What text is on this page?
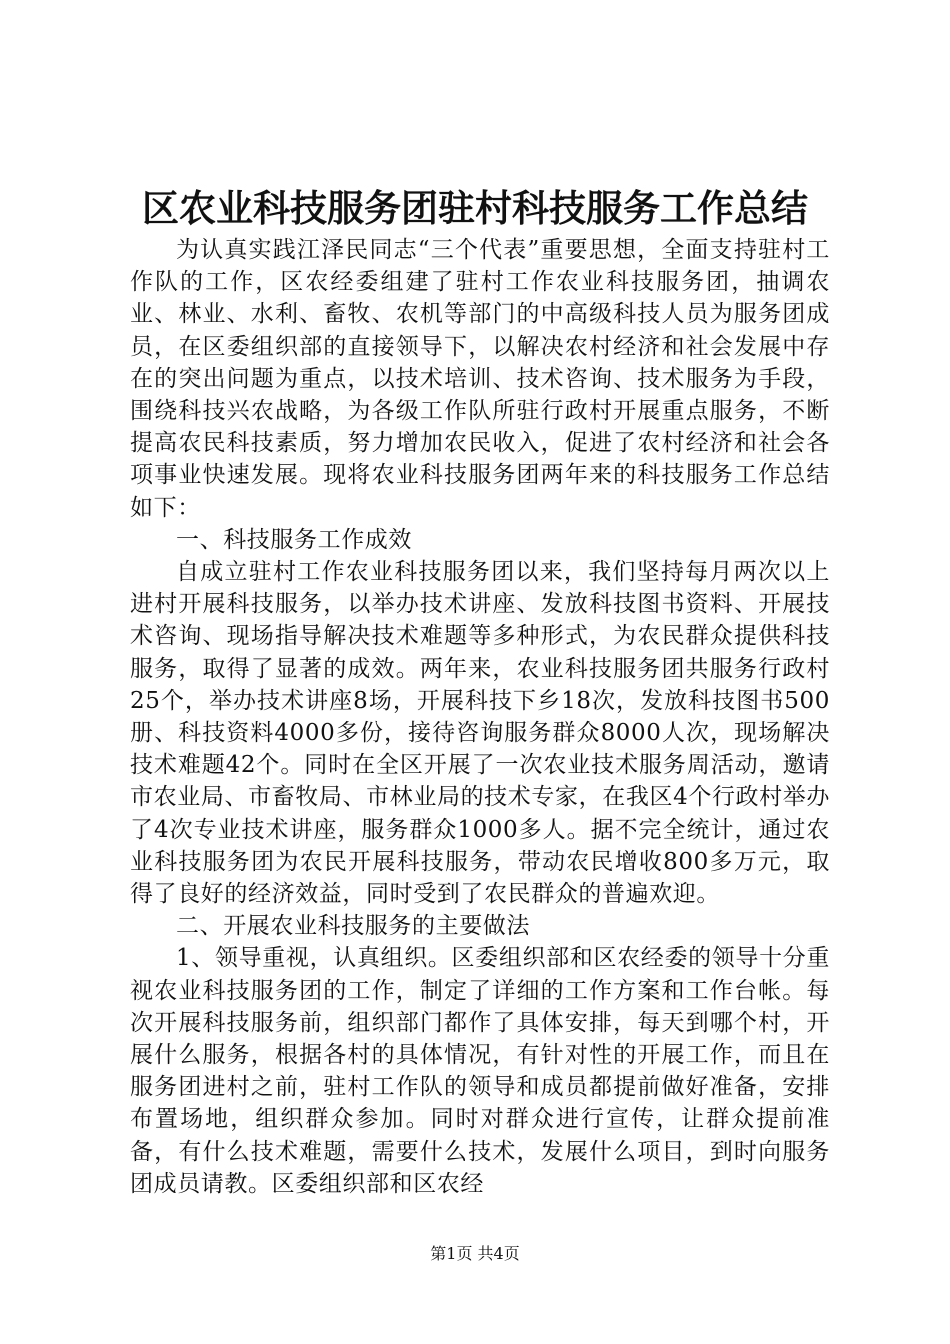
区农业科技服务团驻村科技服务工作总结

为认真实践江泽民同志“三个代表”重要思想，全面支持驻村工作队的工作，区农经委组建了驻村工作农业科技服务团，抽调农业、林业、水利、畜牧、农机等部门的中高级科技人员为服务团成员，在区委组织部的直接领导下，以解决农村经济和社会发展中存在的突出问题为重点，以技术培训、技术咨询、技术服务为手段，围绕科技兴农战略，为各级工作队所驻行政村开展重点服务，不断提高农民科技素质，努力增加农民收入，促进了农村经济和社会各项事业快速发展。现将农业科技服务团两年来的科技服务工作总结如下：

一、科技服务工作成效

自成立驻村工作农业科技服务团以来，我们坚持每月两次以上进村开展科技服务，以举办技术讲座、发放科技图书资料、开展技术咨询、现场指导解决技术难题等多种形式，为农民群众提供科技服务，取得了显著的成效。两年来，农业科技服务团共服务行政村25个，举办技术讲座8场，开展科技下乡18次，发放科技图书500册、科技资料4000多份，接待咨询服务群众8000人次，现场解决技术难题42个。同时在全区开展了一次农业技术服务周活动，邀请市农业局、市畜牧局、市林业局的技术专家，在我区4个行政村举办了4次专业技术讲座，服务群众1000多人。据不完全统计，通过农业科技服务团为农民开展科技服务，带动农民增收800多万元，取得了良好的经济效益，同时受到了农民群众的普遍欢迎。

二、开展农业科技服务的主要做法

1、领导重视，认真组织。区委组织部和区农经委的领导十分重视农业科技服务团的工作，制定了详细的工作方案和工作台帐。每次开展科技服务前，组织部门都作了具体安排，每天到哪个村，开展什么服务，根据各村的具体情况，有针对性的开展工作，而且在服务团进村之前，驻村工作队的领导和成员都提前做好准备，安排布置场地，组织群众参加。同时对群众进行宣传，让群众提前准备，有什么技术难题，需要什么技术，发展什么项目，到时向服务团成员请教。区委组织部和区农经

第1页 共4页
